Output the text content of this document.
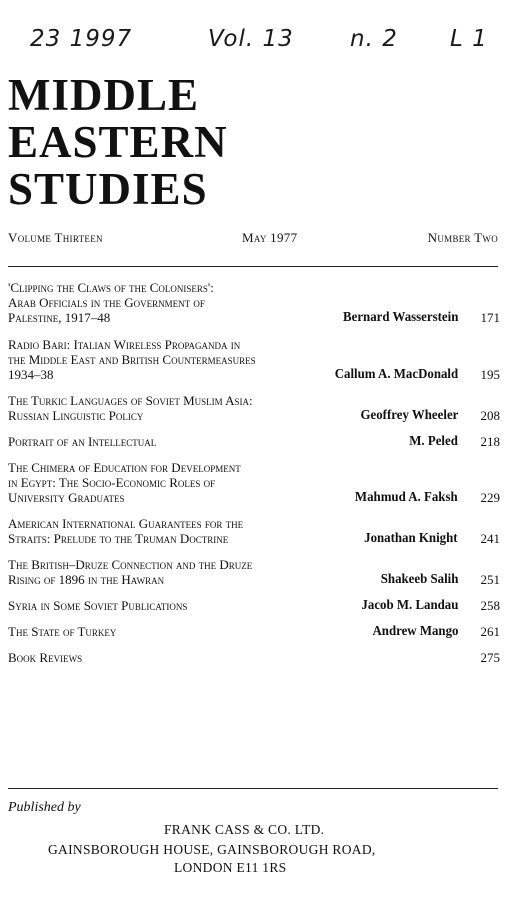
23 1997	Vol. 13 n. 2 L 1
MIDDLE
EASTERN
STUDIES
Volume Thirteen	May 1977	Number Two
'Clipping the Claws of the Colonisers':
Arab Officials in the Government of
Palestine, 1917–48	Bernard Wasserstein 171
Radio Bari: Italian Wireless Propaganda in
the Middle East and British Countermeasures
1934–38	Callum A. MacDonald 195
The Turkic Languages of Soviet Muslim Asia:
Russian Linguistic Policy	Geoffrey Wheeler 208
Portrait of an Intellectual	M. Peled 218
The Chimera of Education for Development
in Egypt: The Socio-Economic Roles of
University Graduates	Mahmud A. Faksh 229
American International Guarantees for the
Straits: Prelude to the Truman Doctrine	Jonathan Knight 241
The British–Druze Connection and the Druze
Rising of 1896 in the Hawran	Shakeeb Salih 251
Syria in Some Soviet Publications	Jacob M. Landau 258
The State of Turkey	Andrew Mango 261
Book Reviews	275
Published by
FRANK CASS & CO. LTD.
GAINSBOROUGH HOUSE, GAINSBOROUGH ROAD,
LONDON E11 1RS
